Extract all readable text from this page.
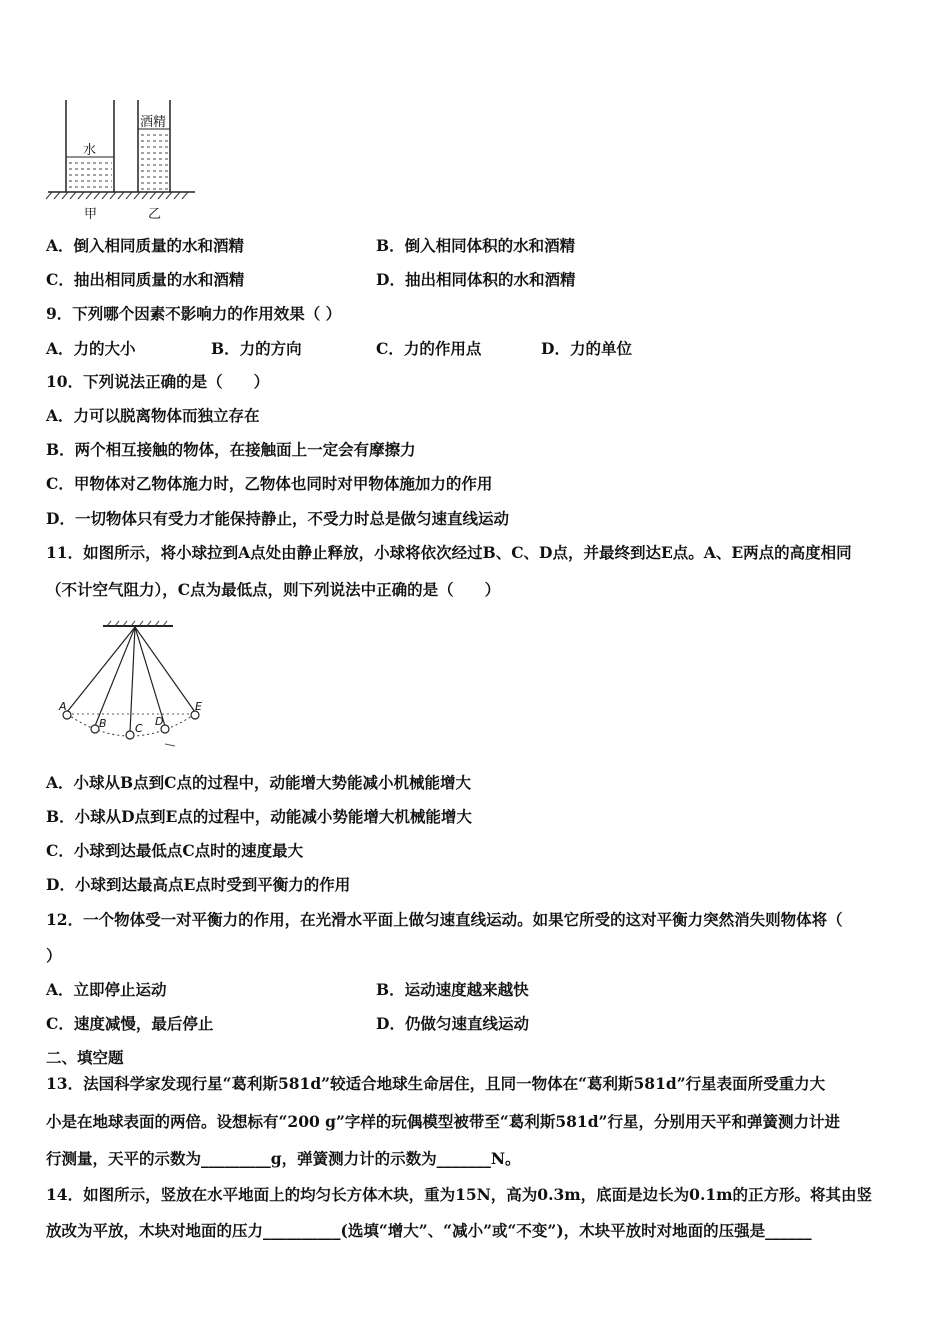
水
酒精
甲	乙
A．倒入相同质量的水和酒精	B．倒入相同体积的水和酒精
C．抽出相同质量的水和酒精	D．抽出相同体积的水和酒精
9．下列哪个因素不影响力的作用效果（ ）
A．力的大小	B．力的方向	C．力的作用点	D．力的单位
10．下列说法正确的是（　　）
A．力可以脱离物体而独立存在
B．两个相互接触的物体，在接触面上一定会有摩擦力
C．甲物体对乙物体施力时，乙物体也同时对甲物体施加力的作用
D．一切物体只有受力才能保持静止，不受力时总是做匀速直线运动
11．如图所示，将小球拉到A点处由静止释放，小球将依次经过B、C、D点，并最终到达E点。A、E两点的高度相同
（不计空气阻力），C点为最低点，则下列说法中正确的是（　　）
A
B	C
D
E
A．小球从B点到C点的过程中，动能增大势能减小机械能增大
B．小球从D点到E点的过程中，动能减小势能增大机械能增大
C．小球到达最低点C点时的速度最大
D．小球到达最高点E点时受到平衡力的作用
12．一个物体受一对平衡力的作用，在光滑水平面上做匀速直线运动。如果它所受的这对平衡力突然消失则物体将（
）
A．立即停止运动	B．运动速度越来越快
C．速度减慢，最后停止	D．仍做匀速直线运动
二、填空题
13．法国科学家发现行星“葛利斯581d”较适合地球生命居住，且同一物体在“葛利斯581d”行星表面所受重力大
小是在地球表面的两倍。设想标有“200 g”字样的玩偶模型被带至“葛利斯581d”行星，分别用天平和弹簧测力计进
行测量，天平的示数为_________g，弹簧测力计的示数为_______N。
14．如图所示，竖放在水平地面上的均匀长方体木块，重为15N，高为0.3m，底面是边长为0.1m的正方形。将其由竖
放改为平放，木块对地面的压力__________(选填“增大”、“减小”或“不变”)，木块平放时对地面的压强是______
